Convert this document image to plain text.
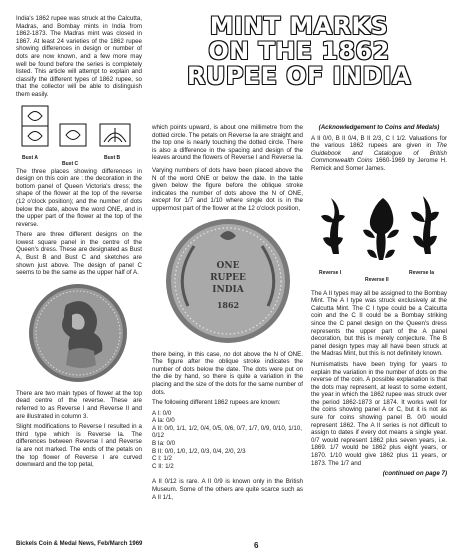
India's 1862 rupee was struck at the Calcutta, Madras, and Bombay mints in India from 1862-1873. The Madras mint was closed in 1867. At least 24 varieties of the 1862 rupee showing differences in design or number of dots are now known, and a few more may well be found before the series is completely listed. This article will attempt to explain and classify the different types of 1862 rupee, so that the collector will be able to distinguish them easily.

Bust A
Bust C
Bust B

The three places showing differences in design on this coin are : the decoration in the bottom panel of Queen Victoria's dress; the shape of the flower at the top of the reverse (12 o'clock position); and the number of dots below the date, above the word ONE, and in the upper part of the flower at the top of the reverse.

There are three different designs on the lowest square panel in the centre of the Queen's dress. These are designated as Bust A, Bust B and Bust C and sketches are shown just above. The design of panel C seems to be the same as the upper half of A.

There are two main types of flower at the top dead centre of the reverse. These are referred to as Reverse I and Reverse II and are illustrated in column 3.

Slight modifications to Reverse I resulted in a third type which is Reverse Ia. The differences between Reverse I and Reverse Ia are not marked. The ends of the petals on the top flower of Reverse I are curved downward and the top petal,

MINT MARKS
ON THE 1862
RUPEE OF INDIA

which points upward, is about one millimetre from the dotted circle. The petals on Reverse Ia are straight and the top one is nearly touching the dotted circle. There is also a difference in the spacing and design of the leaves around the flowers of Reverse I and Reverse Ia.

Varying numbers of dots have been placed above the N of the word ONE or below the date. In the table given below the figure before the oblique stroke indicates the number of dots above the N of ONE, except for 1/7 and 1/10 where single dot is in the uppermost part of the flower at the 12 o'clock position,

ONE
RUPEE
INDIA
1862

there being, in this case, no dot above the N of ONE. The figure after the oblique stroke indicates the number of dots below the date. The dots were put on the die by hand, so there is quite a variation in the placing and the size of the dots for the same number of dots.

The following different 1862 rupees are known:

A I: 0/0
A Ia: 0/0
A II: 0/0, 1/1, 1/2, 0/4, 0/5, 0/6, 0/7, 1/7, 0/9, 0/10, 1/10, 0/12
B Ia: 0/0
B II: 0/0, 1/0, 1/2, 0/3, 0/4, 2/0, 2/3
C I: 1/2
C II: 1/2

A II 0/12 is rare. A II 0/9 is known only in the British Museum. Some of the others are quite scarce such as A II 1/1,

(Acknowledgement to Coins and Medals)

A II 0/0, B II 0/4, B II 2/3, C I 1/2. Valuations for the various 1862 rupees are given in The Guidebook and Catalogue of British Commonwealth Coins 1660-1969 by Jerome H. Remick and Somer James.

Reverse I
Reverse II
Reverse Ia

The A II types may all be assigned to the Bombay Mint. The A I type was struck exclusively at the Calcutta Mint. The C I type could be a Calcutta coin and the C II could be a Bombay striking since the C panel design on the Queen's dress represents the upper part of the A panel decoration, but this is merely conjecture. The B panel design types may all have been struck at the Madras Mint, but this is not definitely known.

Numismatists have been trying for years to explain the variation in the number of dots on the reverse of the coin. A possible explanation is that the dots may represent, at least to some extent, the year in which the 1862 rupee was struck over the period 1862-1873 or 1874. It works well for the coins showing panel A or C, but it is not as sure for coins showing panel B. 0/0 would represent 1862. The A II series is not difficult to assign to dates if every dot means a single year. 0/7 would represent 1862 plus seven years, i.e. 1869. 1/7 would be 1862 plus eight years, or 1870. 1/10 would give 1862 plus 11 years, or 1873. The 1/7 and

(continued on page 7)
Bickels Coin & Medal News, Feb/March 1969	6
